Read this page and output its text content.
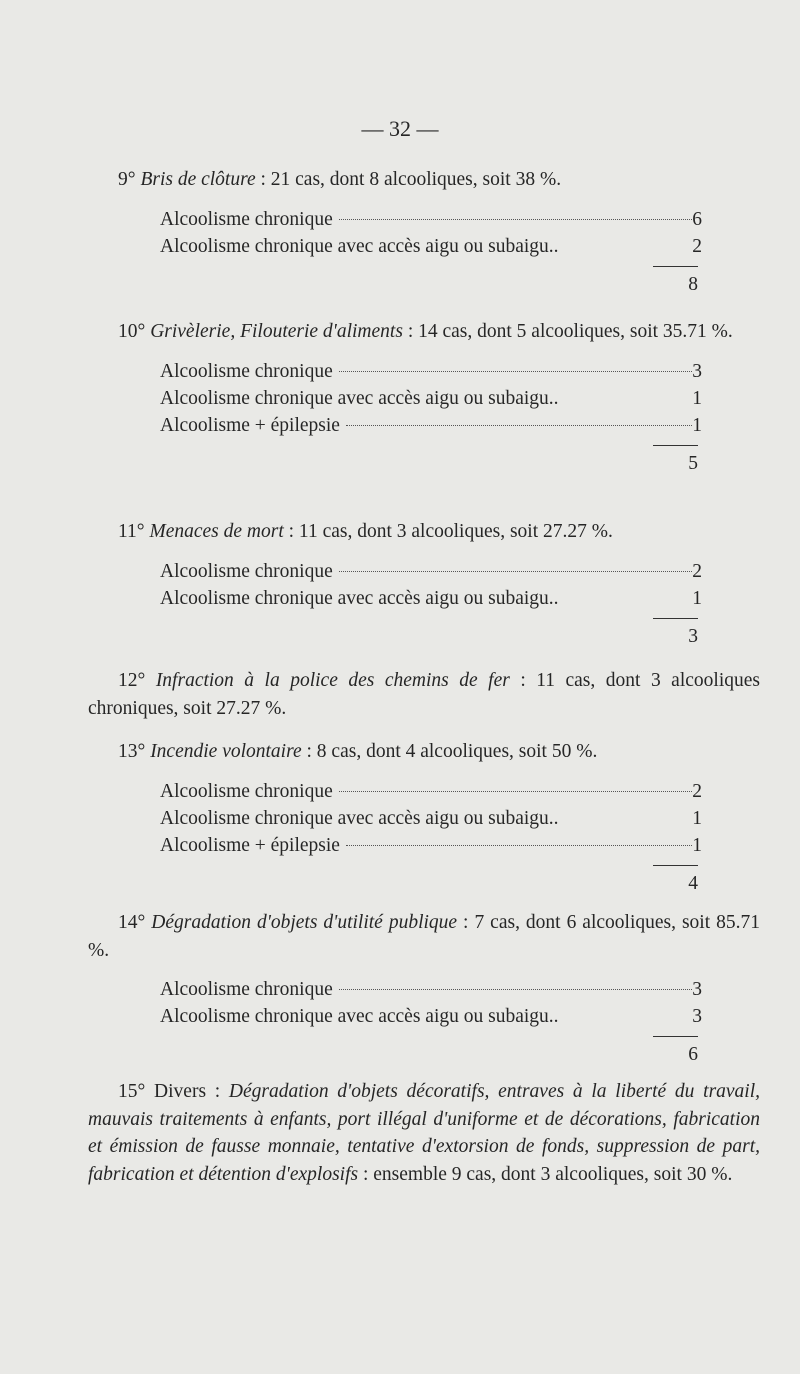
— 32 —

9° Bris de clôture : 21 cas, dont 8 alcooliques, soit 38 %.

Alcoolisme chronique	6
Alcoolisme chronique avec accès aigu ou subaigu..	2
8

10° Grivèlerie, Filouterie d'aliments : 14 cas, dont 5 alcooliques, soit 35.71 %.

Alcoolisme chronique	3
Alcoolisme chronique avec accès aigu ou subaigu..	1
Alcoolisme + épilepsie	1
5

11° Menaces de mort : 11 cas, dont 3 alcooliques, soit 27.27 %.

Alcoolisme chronique	2
Alcoolisme chronique avec accès aigu ou subaigu..	1
3

12° Infraction à la police des chemins de fer : 11 cas, dont 3 alcooliques chroniques, soit 27.27 %.

13° Incendie volontaire : 8 cas, dont 4 alcooliques, soit 50 %.

Alcoolisme chronique	2
Alcoolisme chronique avec accès aigu ou subaigu..	1
Alcoolisme + épilepsie	1
4

14° Dégradation d'objets d'utilité publique : 7 cas, dont 6 alcooliques, soit 85.71 %.

Alcoolisme chronique	3
Alcoolisme chronique avec accès aigu ou subaigu..	3
6

15° Divers : Dégradation d'objets décoratifs, entraves à la liberté du travail, mauvais traitements à enfants, port illégal d'uniforme et de décorations, fabrication et émission de fausse monnaie, tentative d'extorsion de fonds, suppression de part, fabrication et détention d'explosifs : ensemble 9 cas, dont 3 alcooliques, soit 30 %.
